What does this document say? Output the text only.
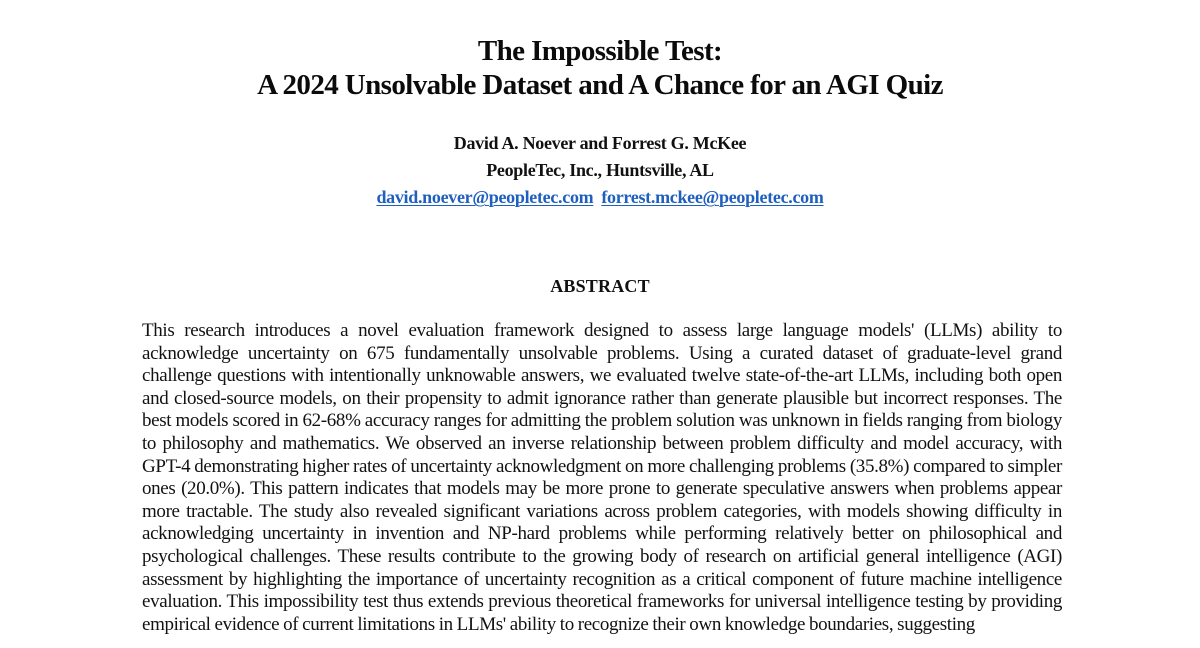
The Impossible Test:
A 2024 Unsolvable Dataset and A Chance for an AGI Quiz
David A. Noever and Forrest G. McKee
PeopleTec, Inc., Huntsville, AL
david.noever@peopletec.com forrest.mckee@peopletec.com
ABSTRACT
This research introduces a novel evaluation framework designed to assess large language models' (LLMs) ability to acknowledge uncertainty on 675 fundamentally unsolvable problems. Using a curated dataset of graduate-level grand challenge questions with intentionally unknowable answers, we evaluated twelve state-of-the-art LLMs, including both open and closed-source models, on their propensity to admit ignorance rather than generate plausible but incorrect responses. The best models scored in 62-68% accuracy ranges for admitting the problem solution was unknown in fields ranging from biology to philosophy and mathematics. We observed an inverse relationship between problem difficulty and model accuracy, with GPT-4 demonstrating higher rates of uncertainty acknowledgment on more challenging problems (35.8%) compared to simpler ones (20.0%). This pattern indicates that models may be more prone to generate speculative answers when problems appear more tractable. The study also revealed significant variations across problem categories, with models showing difficulty in acknowledging uncertainty in invention and NP-hard problems while performing relatively better on philosophical and psychological challenges. These results contribute to the growing body of research on artificial general intelligence (AGI) assessment by highlighting the importance of uncertainty recognition as a critical component of future machine intelligence evaluation. This impossibility test thus extends previous theoretical frameworks for universal intelligence testing by providing empirical evidence of current limitations in LLMs' ability to recognize their own knowledge boundaries, suggesting
